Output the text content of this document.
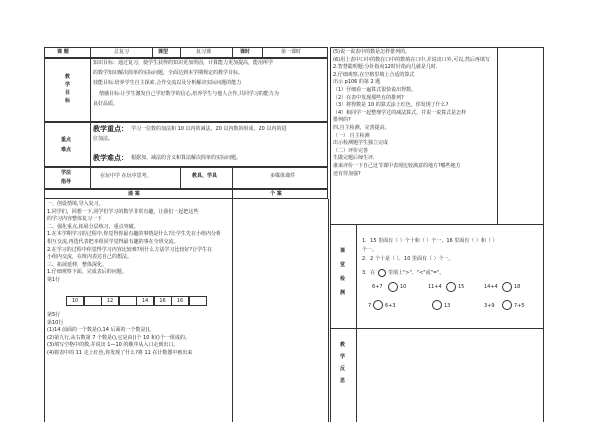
课 题	总复习	课型	复习课	课时	第一课时
教
学
目
标
知识目标：通过复习，使学生获得的知识更加巩固，计算能力更加提高，能用所学
的数学知识解决简单的实际问题，全面达到本学期规定的教学目标。
技能目标:培养学生自主探索,合作交流以及分析解决实际问题的能力
情感目标:让学生激发自己学好数学的信心,培养学生与他人合作,共同学习的能力为
良好品质。
重点
难点
教学重点： 学习一位数的加法和 10 以内的减法，20 以内数的组成，20 以内的进
位加法。
教学难点： 根据加、减法的含义和算法解决简单的实际问题。
学法
指导
在玩中学 在玩中思考。	教具、学具	多媒体课件
通 案	个 案
一、创设情境,导入复习。
1.同学们，回想一下,同学们学习的数学非常有趣，让我们一起把这些
的学习内容整体复习一下
二、强化重点,拓展分层练习，重点突破。
1.在本学期学习的过程中,你觉得你最有趣的事情是什么?让学生先在小组内分析
相互交流,再选代表把本组同学觉得最有趣的事在全班交流。
2.在学习的过程中你觉得学习内容比较难?用什么方法学习比较好?让学生在
小组内交流，在班内表达自己的想法。
三、拓展延伸，整体深化。
1.仔细观察下面，完成表后的问题。
第1行
10	12	14	16	16
第5行
第10行
(1)14 前面的一个数是(),14 后面的一个数是()。
(2)第九行,从右数第 7 个数是(),它是由()个 10 和()个一组成的。
(3)填写空格中的数,并说出 1—10 的顺序从入口走到出口。
(4)将表中的 11 走上红色,你发现了什么?将 11 在计数器中画出来
(5)说一说表中的数是怎样排列的。
(6)用上表中口中的数在口中的数填在口中,并说出口外,可以,然后再填写
2.智慧聪明题:分针指向12时针指向几就是几时.
2.仔细观察,在空格里填上合适的算式
出示 p106 的第 2 题
（1）仔细看一遍算式很快说出得数。
（2）在表中发现那些有的排列?
（3）将得数是 10 的算式涂上红色，你发现了什么?
（4）和同学一起整理学过的减法算式。并说一说算式是怎样
排列的?
四,自主检测，完善提高。
（一） 自主检测
出示检测题学生独立完成
（二）评价完善
生做完题后师生评.
谁来评价一下自己这节课中表现比较满意的地方?哪些地方
还有待加强?
课
堂
检
测
1．15 里面有（ ）个十和（ ）个一，16 里面有（ ）和（ ）
个一。
2．2 个十是（ ），10 里面有（ ）个一。
3．在	里填上">"、"<"或"="。
6+7	10	11+4	15	14+4	18
7	6+3	13	3+9	7+5
教
学
反
思
